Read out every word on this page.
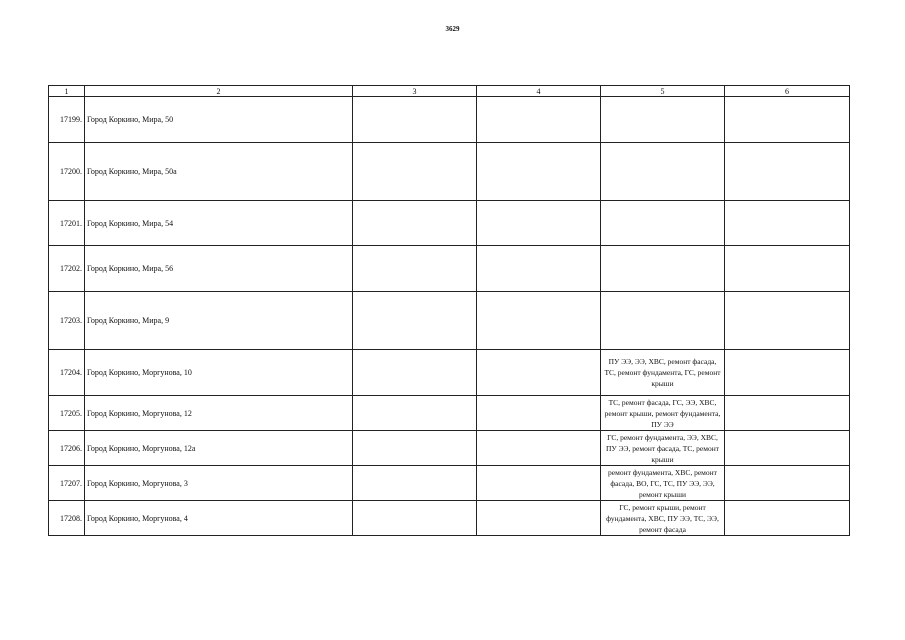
3629
1	2	3	4	5	6
17199.	Город Коркино, Мира, 50				
17200.	Город Коркино, Мира, 50а				
17201.	Город Коркино, Мира, 54				
17202.	Город Коркино, Мира, 56				
17203.	Город Коркино, Мира, 9				
17204.	Город Коркино, Моргунова, 10			ПУ ЭЭ, ЭЭ, ХВС, ремонт фасада, ТС, ремонт фундамента, ГС, ремонт крыши	
17205.	Город Коркино, Моргунова, 12			ТС, ремонт фасада, ГС, ЭЭ, ХВС, ремонт крыши, ремонт фундамента, ПУ ЭЭ	
17206.	Город Коркино, Моргунова, 12а			ГС, ремонт фундамента, ЭЭ, ХВС, ПУ ЭЭ, ремонт фасада, ТС, ремонт крыши	
17207.	Город Коркино, Моргунова, 3			ремонт фундамента, ХВС, ремонт фасада, ВО, ГС, ТС, ПУ ЭЭ, ЭЭ, ремонт крыши	
17208.	Город Коркино, Моргунова, 4			ГС, ремонт крыши, ремонт фундамента, ХВС, ПУ ЭЭ, ТС, ЭЭ, ремонт фасада	
